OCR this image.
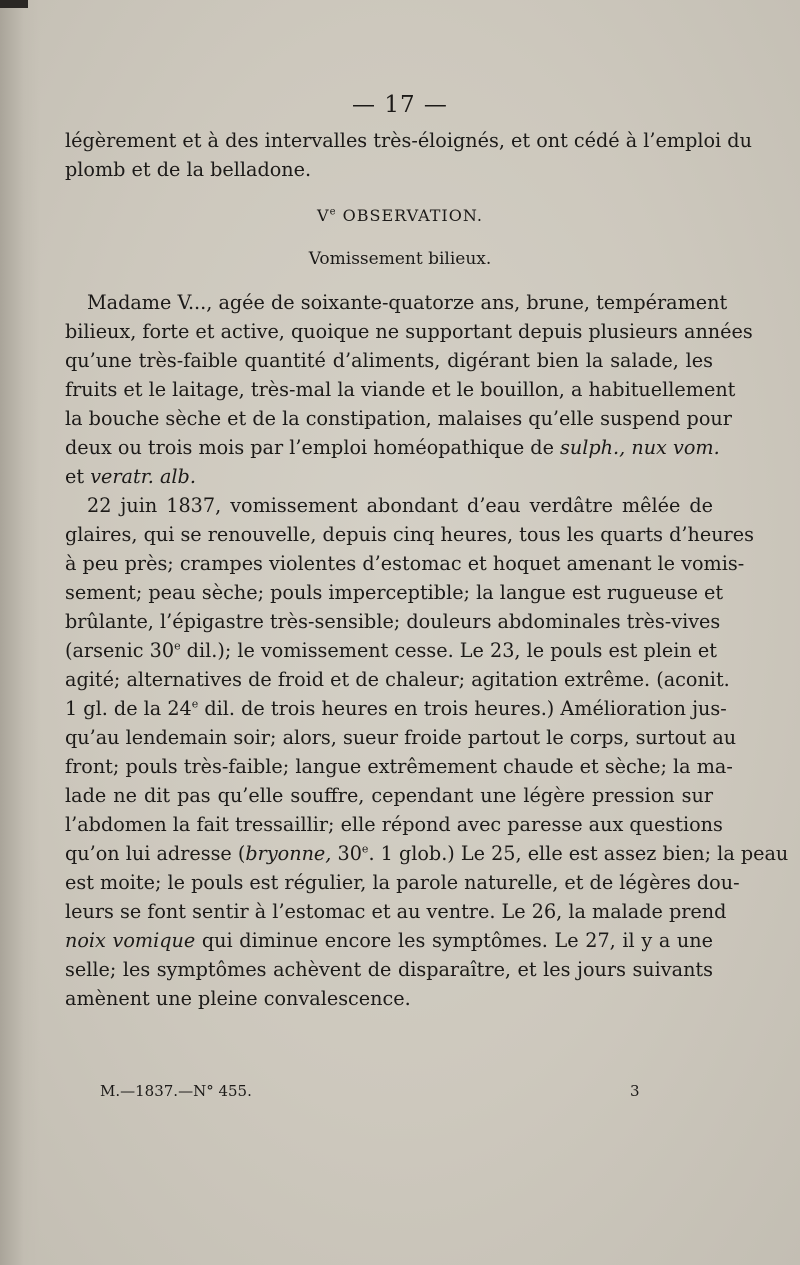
— 17 —
légèrement et à des intervalles très-éloignés, et ont cédé à l’emploi du
plomb et de la belladone.
Ve OBSERVATION.
Vomissement bilieux.
Madame V..., agée de soixante-quatorze ans, brune, tempérament
bilieux, forte et active, quoique ne supportant depuis plusieurs années
qu’une très-faible quantité d’aliments, digérant bien la salade, les
fruits et le laitage, très-mal la viande et le bouillon, a habituellement
la bouche sèche et de la constipation, malaises qu’elle suspend pour
deux ou trois mois par l’emploi homéopathique de sulph., nux vom.
et veratr. alb.
22 juin 1837, vomissement abondant d’eau verdâtre mêlée de
glaires, qui se renouvelle, depuis cinq heures, tous les quarts d’heures
à peu près; crampes violentes d’estomac et hoquet amenant le vomis-
sement; peau sèche; pouls imperceptible; la langue est rugueuse et
brûlante, l’épigastre très-sensible; douleurs abdominales très-vives
(arsenic 30e dil.); le vomissement cesse. Le 23, le pouls est plein et
agité; alternatives de froid et de chaleur; agitation extrême. (aconit.
1 gl. de la 24e dil. de trois heures en trois heures.) Amélioration jus-
qu’au lendemain soir; alors, sueur froide partout le corps, surtout au
front; pouls très-faible; langue extrêmement chaude et sèche; la ma-
lade ne dit pas qu’elle souffre, cependant une légère pression sur
l’abdomen la fait tressaillir; elle répond avec paresse aux questions
qu’on lui adresse (bryonne, 30e. 1 glob.) Le 25, elle est assez bien; la peau
est moite; le pouls est régulier, la parole naturelle, et de légères dou-
leurs se font sentir à l’estomac et au ventre. Le 26, la malade prend
noix vomique qui diminue encore les symptômes. Le 27, il y a une
selle; les symptômes achèvent de disparaître, et les jours suivants
amènent une pleine convalescence.
M.—1837.—N° 455.	3
